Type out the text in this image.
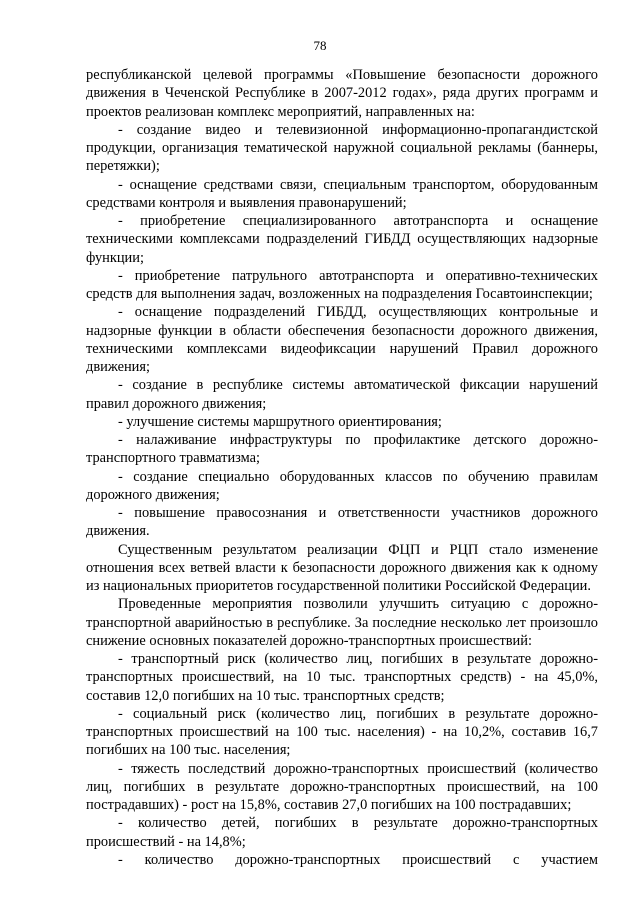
78

республиканской целевой программы «Повышение безопасности дорожного движения в Чеченской Республике в 2007-2012 годах», ряда других программ и проектов реализован комплекс мероприятий, направленных на:

- создание видео и телевизионной информационно-пропагандистской продукции, организация тематической наружной социальной рекламы (баннеры, перетяжки);

- оснащение средствами связи, специальным транспортом, оборудованным средствами контроля и выявления правонарушений;

- приобретение специализированного автотранспорта и оснащение техническими комплексами подразделений ГИБДД осуществляющих надзорные функции;

- приобретение патрульного автотранспорта и оперативно-технических средств для выполнения задач, возложенных на подразделения Госавтоинспекции;

- оснащение подразделений ГИБДД, осуществляющих контрольные и надзорные функции в области обеспечения безопасности дорожного движения, техническими комплексами видеофиксации нарушений Правил дорожного движения;

- создание в республике системы автоматической фиксации нарушений правил дорожного движения;

- улучшение системы маршрутного ориентирования;

- налаживание инфраструктуры по профилактике детского дорожно-транспортного травматизма;

- создание специально оборудованных классов по обучению правилам дорожного движения;

- повышение правосознания и ответственности участников дорожного движения.

Существенным результатом реализации ФЦП и РЦП стало изменение отношения всех ветвей власти к безопасности дорожного движения как к одному из национальных приоритетов государственной политики Российской Федерации.

Проведенные мероприятия позволили улучшить ситуацию с дорожно-транспортной аварийностью в республике. За последние несколько лет произошло снижение основных показателей дорожно-транспортных происшествий:

- транспортный риск (количество лиц, погибших в результате дорожно-транспортных происшествий, на 10 тыс. транспортных средств) - на 45,0%, составив 12,0 погибших на 10 тыс. транспортных средств;

- социальный риск (количество лиц, погибших в результате дорожно-транспортных происшествий на 100 тыс. населения) - на 10,2%, составив 16,7 погибших на 100 тыс. населения;

- тяжесть последствий дорожно-транспортных происшествий (количество лиц, погибших в результате дорожно-транспортных происшествий, на 100 пострадавших) - рост на 15,8%, составив 27,0 погибших на 100 пострадавших;

- количество детей, погибших в результате дорожно-транспортных происшествий - на 14,8%;

- количество дорожно-транспортных происшествий с участием
